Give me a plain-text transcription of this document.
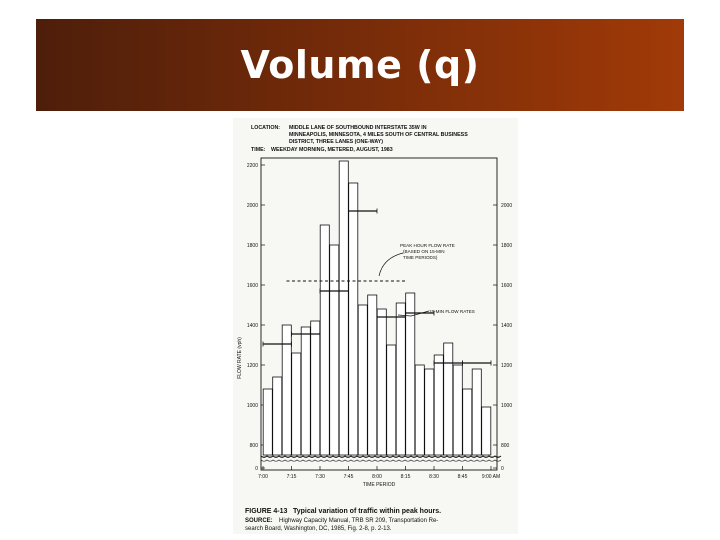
Volume (q)
LOCATION: MIDDLE LANE OF SOUTHBOUND INTERSTATE 35W IN
MINNEAPOLIS, MINNESOTA, 4 MILES SOUTH OF CENTRAL BUSINESS
DISTRICT, THREE LANES (ONE-WAY)
TIME: WEEKDAY MORNING, METERED, AUGUST, 1983
0
800
1000
1200
1400
1600
1800
2000
2200
0
800
1000
1200
1400
1600
1800
2000
FLOW RATE (vph)
PEAK HOUR FLOW RATE
(BASED ON 15-MIN
TIME PERIODS)
15-MIN FLOW RATES
7:00	7:15	7:30	7:45	8:00	8:15	8:30	8:45	9:00 AM
TIME PERIOD
FIGURE 4-13 Typical variation of traffic within peak hours.
SOURCE: Highway Capacity Manual, TRB SR 209, Transportation Re-
search Board, Washington, DC, 1985, Fig. 2-8, p. 2-13.
